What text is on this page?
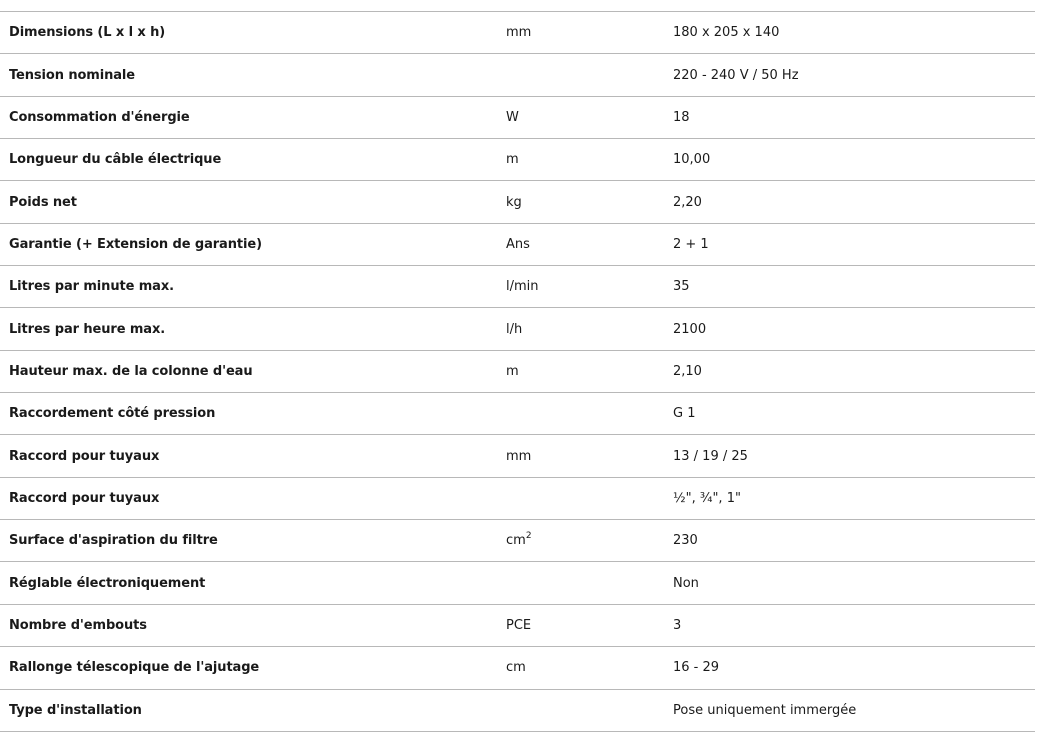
Dimensions (L x l x h)	mm	180 x 205 x 140
Tension nominale		220 - 240 V / 50 Hz
Consommation d'énergie	W	18
Longueur du câble électrique	m	10,00
Poids net	kg	2,20
Garantie (+ Extension de garantie)	Ans	2 + 1
Litres par minute max.	l/min	35
Litres par heure max.	l/h	2100
Hauteur max. de la colonne d'eau	m	2,10
Raccordement côté pression		G 1
Raccord pour tuyaux	mm	13 / 19 / 25
Raccord pour tuyaux		½", ¾", 1"
Surface d'aspiration du filtre	$cm^2$	230
Réglable électroniquement		Non
Nombre d'embouts	PCE	3
Rallonge télescopique de l'ajutage	cm	16 - 29
Type d'installation		Pose uniquement immergée
